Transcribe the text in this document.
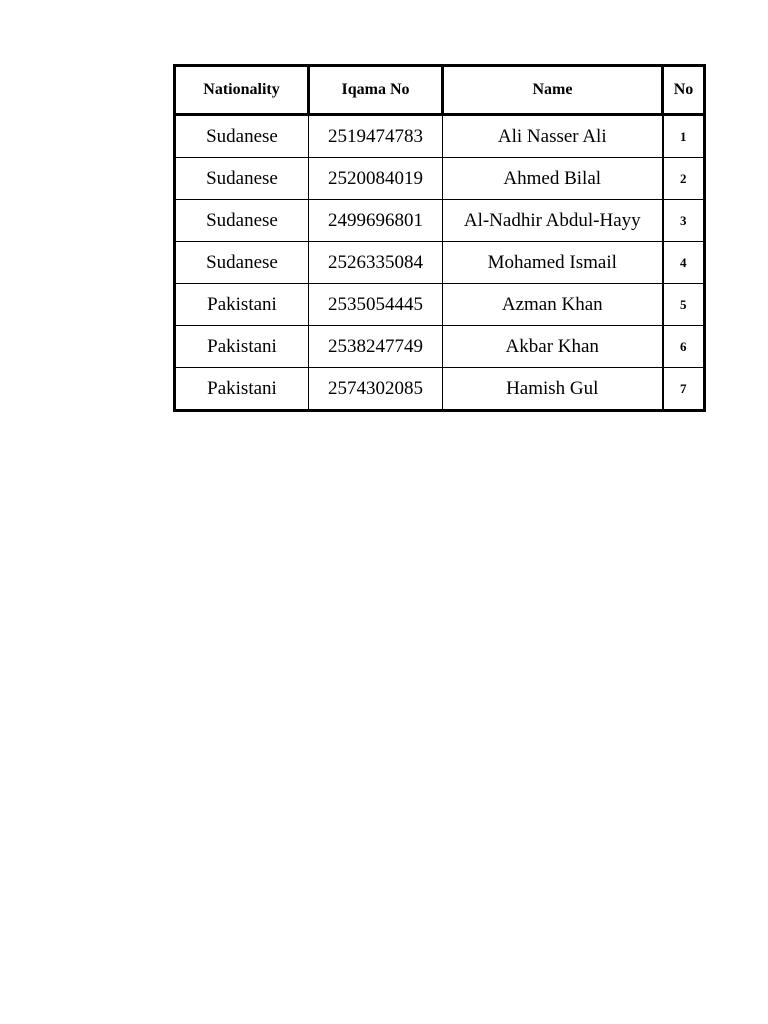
Nationality	Iqama No	Name	No
Sudanese	2519474783	Ali Nasser Ali	1
Sudanese	2520084019	Ahmed Bilal	2
Sudanese	2499696801	Al-Nadhir Abdul-Hayy	3
Sudanese	2526335084	Mohamed Ismail	4
Pakistani	2535054445	Azman Khan	5
Pakistani	2538247749	Akbar Khan	6
Pakistani	2574302085	Hamish Gul	7
